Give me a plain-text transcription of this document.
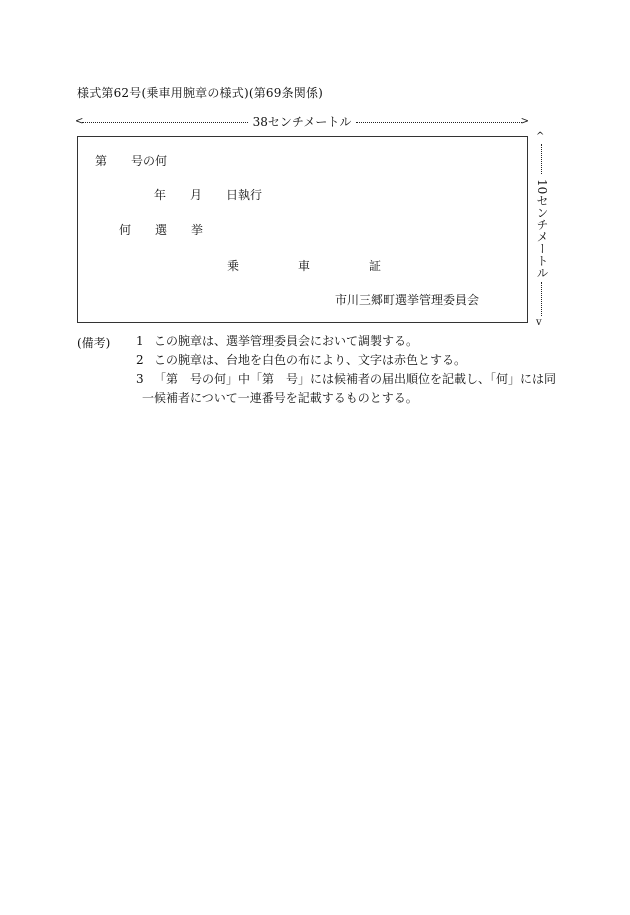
様式第62号(乗車用腕章の様式)(第69条関係)
<	38センチメートル	>
第　　号の何
年　　月　　日執行
何　　選　　挙
乗	車	証
市川三郷町選挙管理委員会
^
10センチメートル
v
(備考) 1 この腕章は、選挙管理委員会において調製する。
2 この腕章は、台地を白色の布により、文字は赤色とする。
3 「第　号の何」中「第　号」には候補者の届出順位を記載し、「何」には同
一候補者について一連番号を記載するものとする。
